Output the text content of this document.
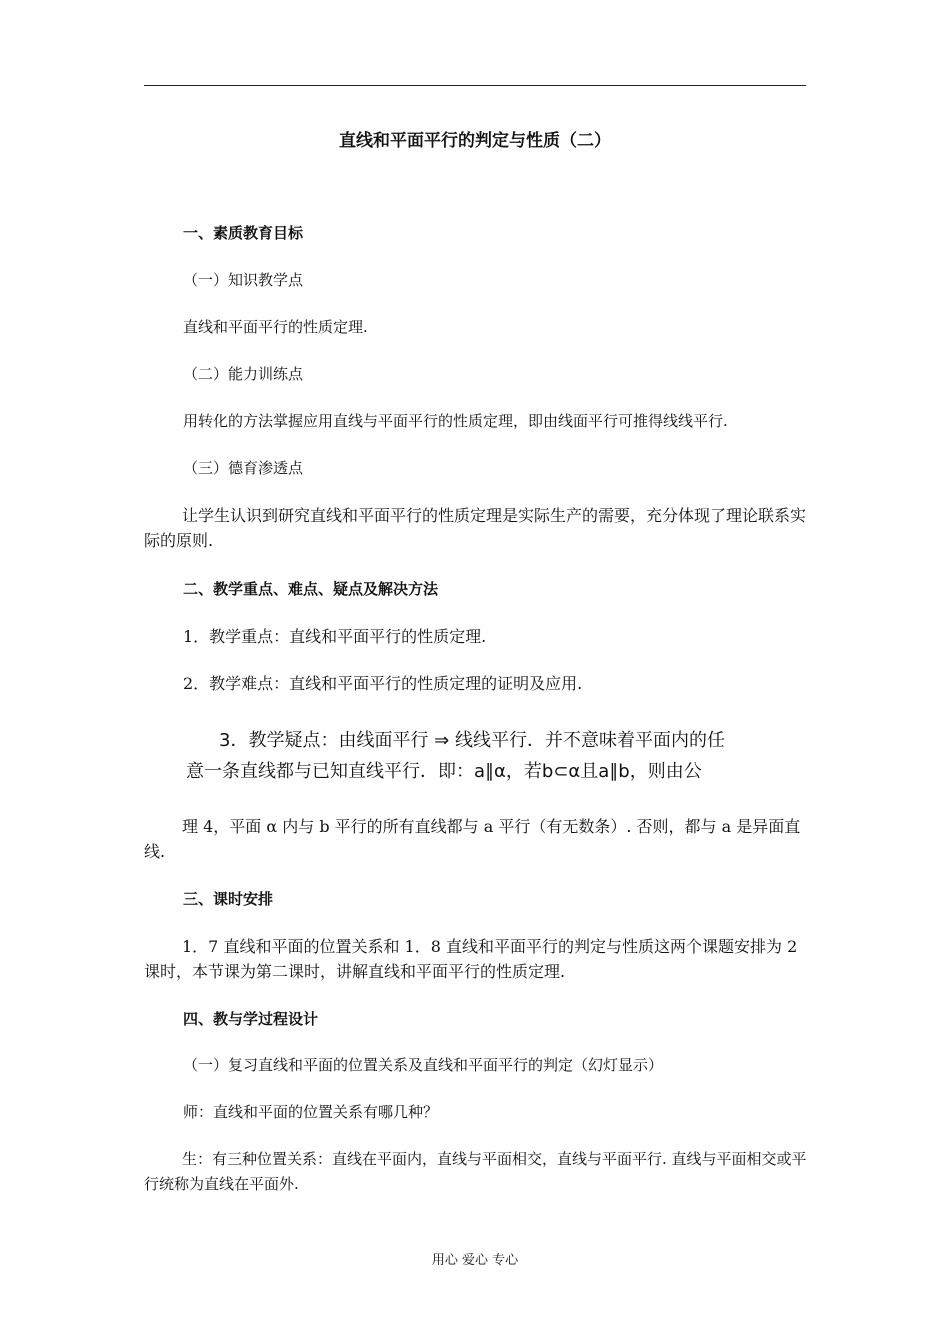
直线和平面平行的判定与性质（二）
一、素质教育目标
（一）知识教学点
直线和平面平行的性质定理.
（二）能力训练点
用转化的方法掌握应用直线与平面平行的性质定理，即由线面平行可推得线线平行.
（三）德育渗透点
让学生认识到研究直线和平面平行的性质定理是实际生产的需要，充分体现了理论联系实际的原则.
二、教学重点、难点、疑点及解决方法
1．教学重点：直线和平面平行的性质定理.
2．教学难点：直线和平面平行的性质定理的证明及应用.
3．教学疑点：由线面平行 ⇒ 线线平行．并不意味着平面内的任
意一条直线都与已知直线平行．即：a∥α，若b⊂α且a∥b，则由公
理 4，平面 α 内与 b 平行的所有直线都与 a 平行（有无数条）. 否则，都与 a 是异面直线.
三、课时安排
1．7 直线和平面的位置关系和 1．8 直线和平面平行的判定与性质这两个课题安排为 2 课时，本节课为第二课时，讲解直线和平面平行的性质定理.
四、教与学过程设计
（一）复习直线和平面的位置关系及直线和平面平行的判定（幻灯显示）
师：直线和平面的位置关系有哪几种？
生：有三种位置关系：直线在平面内，直线与平面相交，直线与平面平行. 直线与平面相交或平行统称为直线在平面外.
用心 爱心 专心
